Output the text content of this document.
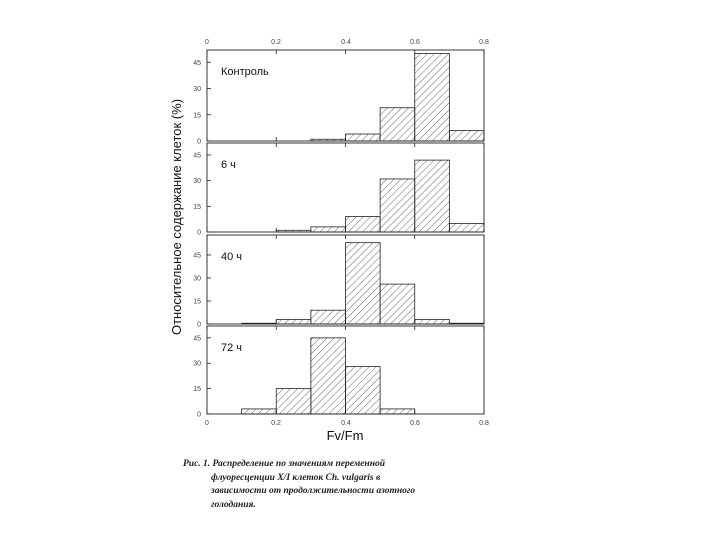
Относительное содержание клеток (%)
0	0.2	0.4	0.6	0.8
0	0.2	0.4	0.6	0.8
Fv/Fm
0
15
30
45
Контроль
0
15
30
45
6 ч
0
15
30
45 40 ч
0
15
30
45
72 ч
Рис. 1. Распределение по значениям переменной
флуоресценции X/I клеток Ch. vulgaris в
зависимости от продолжительности азотного
голодания.
